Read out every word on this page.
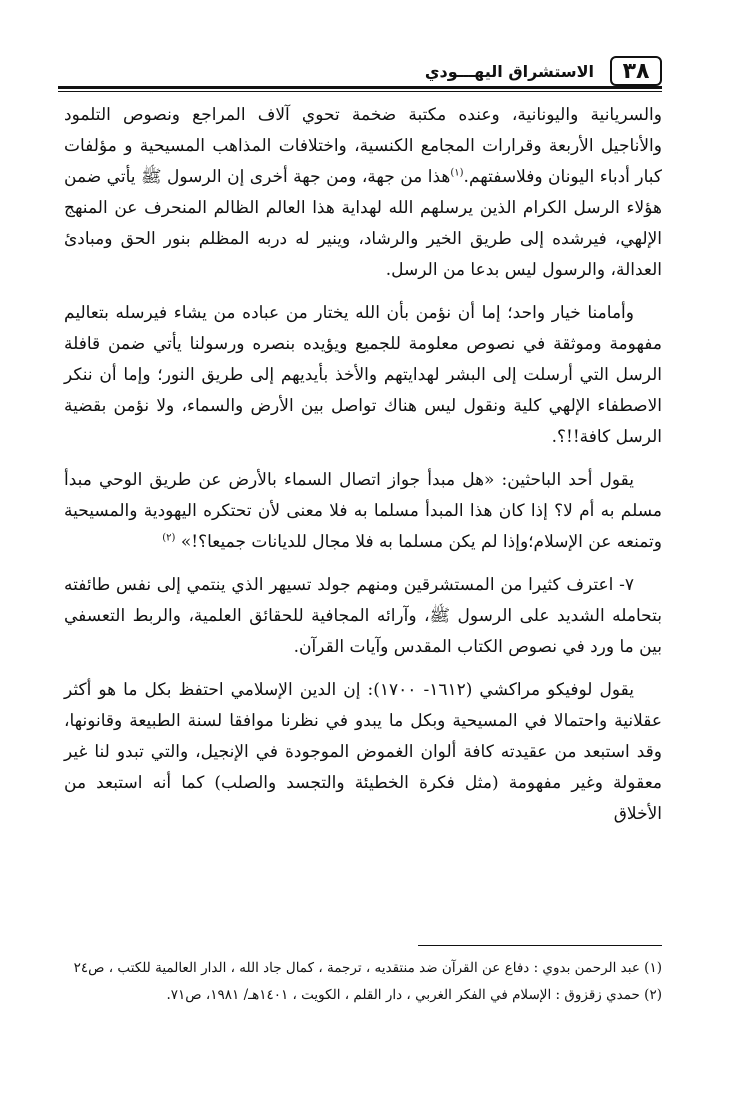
٣٨
الاستشراق اليهـــودي

والسريانية واليونانية، وعنده مكتبة ضخمة تحوي آلاف المراجع ونصوص التلمود والأناجيل الأربعة وقرارات المجامع الكنسية، واختلافات المذاهب المسيحية و مؤلفات كبار أدباء اليونان وفلاسفتهم.$^{(١)}$هذا من جهة، ومن جهة أخرى إن الرسول ﷺ يأتي ضمن هؤلاء الرسل الكرام الذين يرسلهم الله لهداية هذا العالم الظالم المنحرف عن المنهج الإلهي، فيرشده إلى طريق الخير والرشاد، وينير له دربه المظلم بنور الحق ومبادئ العدالة، والرسول ليس بدعا من الرسل.

وأمامنا خيار واحد؛ إما أن نؤمن بأن الله يختار من عباده من يشاء فيرسله بتعاليم مفهومة وموثقة في نصوص معلومة للجميع ويؤيده بنصره ورسولنا يأتي ضمن قافلة الرسل التي أرسلت إلى البشر لهدايتهم والأخذ بأيديهم إلى طريق النور؛ وإما أن ننكر الاصطفاء الإلهي كلية ونقول ليس هناك تواصل بين الأرض والسماء، ولا نؤمن بقضية الرسل كافة!!؟.

يقول أحد الباحثين: «هل مبدأ جواز اتصال السماء بالأرض عن طريق الوحي مبدأ مسلم به أم لا؟ إذا كان هذا المبدأ مسلما به فلا معنى لأن تحتكره اليهودية والمسيحية وتمنعه عن الإسلام؛وإذا لم يكن مسلما به فلا مجال للديانات جميعا؟!» $^{(٢)}$

٧- اعترف كثيرا من المستشرقين ومنهم جولد تسيهر الذي ينتمي إلى نفس طائفته بتحامله الشديد على الرسول ﷺ، وآرائه المجافية للحقائق العلمية، والربط التعسفي بين ما ورد في نصوص الكتاب المقدس وآيات القرآن.

يقول لوفيكو مراكشي (١٦١٢- ١٧٠٠): إن الدين الإسلامي احتفظ بكل ما هو أكثر عقلانية واحتمالا في المسيحية وبكل ما يبدو في نظرنا موافقا لسنة الطبيعة وقانونها، وقد استبعد من عقيدته كافة ألوان الغموض الموجودة في الإنجيل، والتي تبدو لنا غير معقولة وغير مفهومة (مثل فكرة الخطيئة والتجسد والصلب) كما أنه استبعد من الأخلاق

(١) عبد الرحمن بدوي : دفاع عن القرآن ضد منتقديه ، ترجمة ، كمال جاد الله ، الدار العالمية للكتب ، ص٢٤

(٢) حمدي زقزوق : الإسلام في الفكر الغربي ، دار القلم ، الكويت ، ١٤٠١هـ/ ١٩٨١، ص٧١.
